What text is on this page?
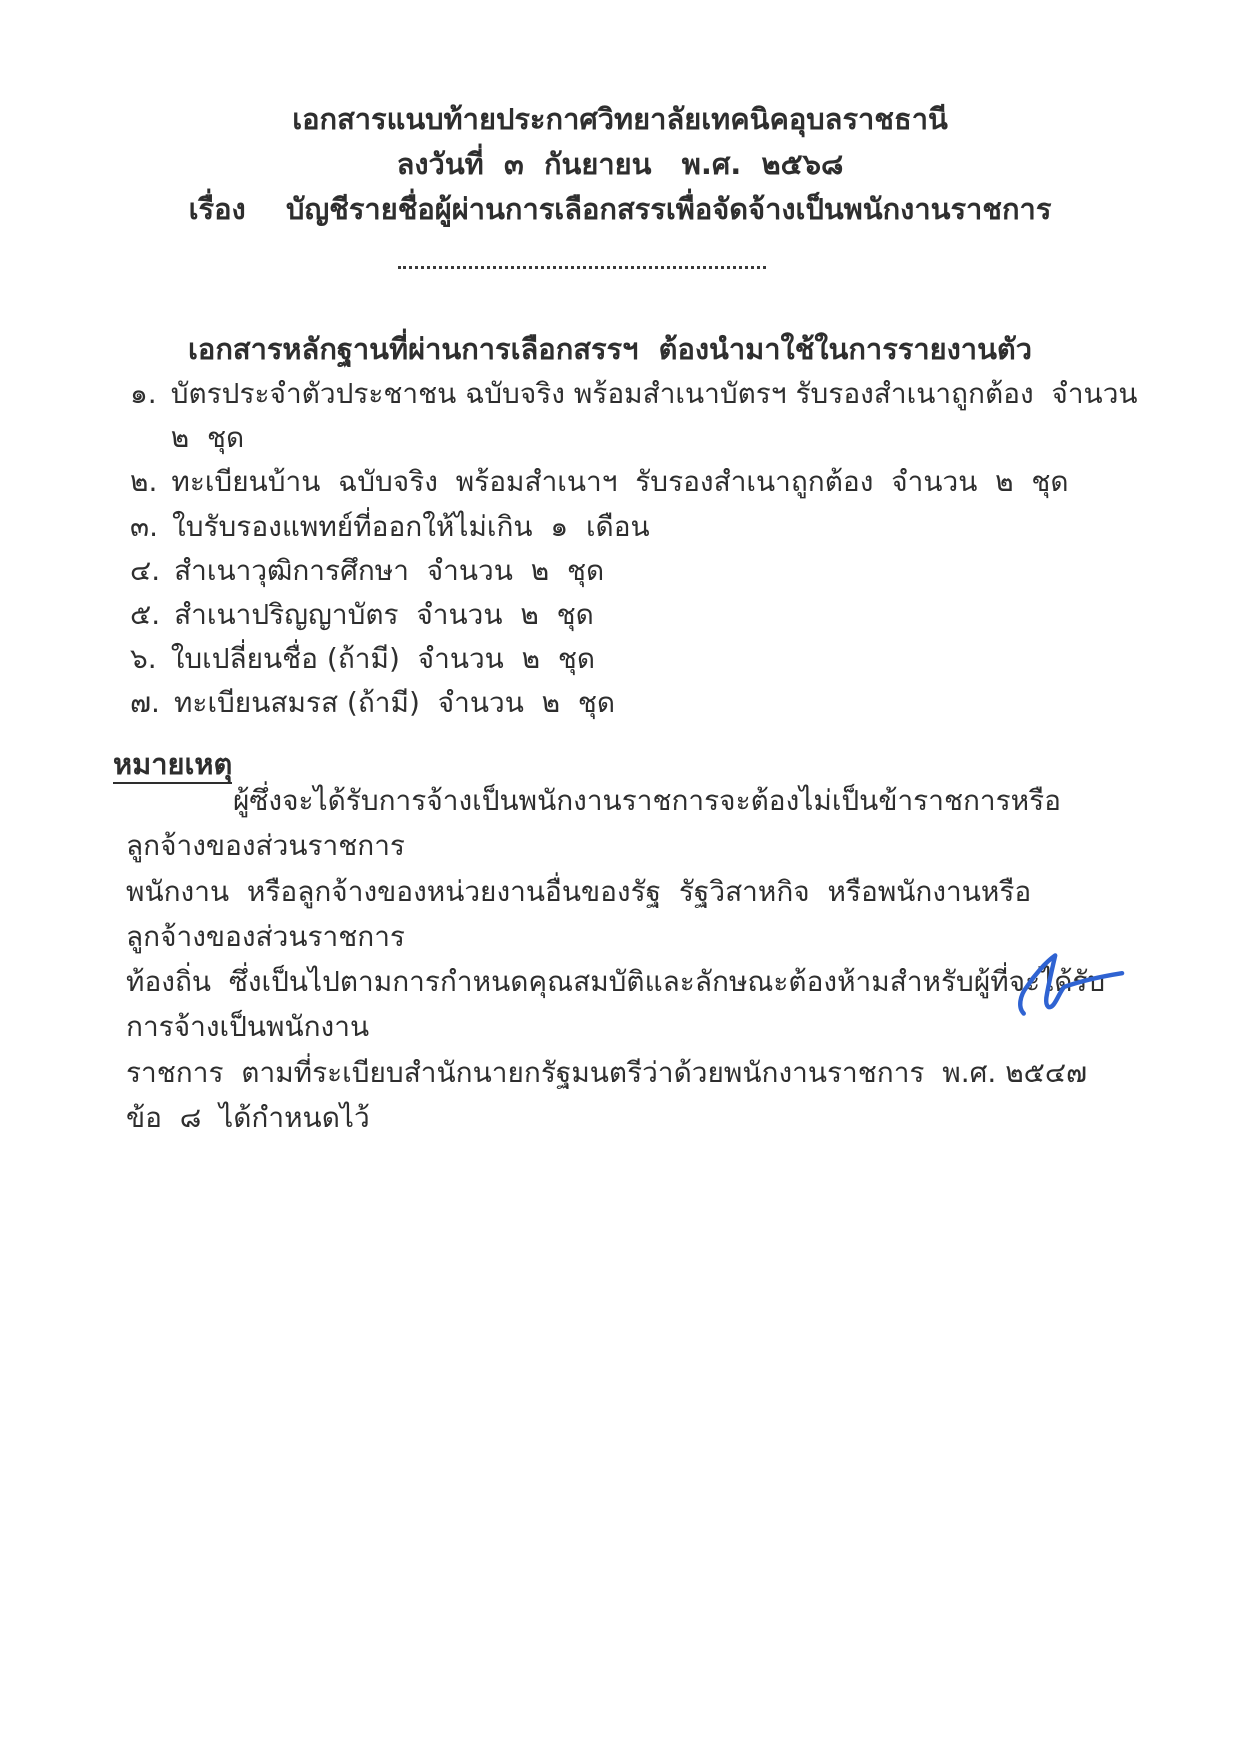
เอกสารแนบท้ายประกาศวิทยาลัยเทคนิคอุบลราชธานี
ลงวันที่  ๓  กันยายน   พ.ศ.  ๒๕๖๘
เรื่อง    บัญชีรายชื่อผู้ผ่านการเลือกสรรเพื่อจัดจ้างเป็นพนักงานราชการ
เอกสารหลักฐานที่ผ่านการเลือกสรรฯ  ต้องนำมาใช้ในการรายงานตัว
๑. บัตรประจำตัวประชาชน ฉบับจริง พร้อมสำเนาบัตรฯ รับรองสำเนาถูกต้อง  จำนวน  ๒  ชุด
๒. ทะเบียนบ้าน  ฉบับจริง  พร้อมสำเนาฯ  รับรองสำเนาถูกต้อง  จำนวน  ๒  ชุด
๓. ใบรับรองแพทย์ที่ออกให้ไม่เกิน  ๑  เดือน
๔. สำเนาวุฒิการศึกษา  จำนวน  ๒  ชุด
๕. สำเนาปริญญาบัตร  จำนวน  ๒  ชุด
๖. ใบเปลี่ยนชื่อ (ถ้ามี)  จำนวน  ๒  ชุด
๗. ทะเบียนสมรส (ถ้ามี)  จำนวน  ๒  ชุด
หมายเหตุ
ผู้ซึ่งจะได้รับการจ้างเป็นพนักงานราชการจะต้องไม่เป็นข้าราชการหรือลูกจ้างของส่วนราชการ
พนักงาน  หรือลูกจ้างของหน่วยงานอื่นของรัฐ  รัฐวิสาหกิจ  หรือพนักงานหรือลูกจ้างของส่วนราชการ
ท้องถิ่น  ซึ่งเป็นไปตามการกำหนดคุณสมบัติและลักษณะต้องห้ามสำหรับผู้ที่จะได้รับการจ้างเป็นพนักงาน
ราชการ  ตามที่ระเบียบสำนักนายกรัฐมนตรีว่าด้วยพนักงานราชการ  พ.ศ. ๒๕๔๗  ข้อ  ๘  ได้กำหนดไว้
